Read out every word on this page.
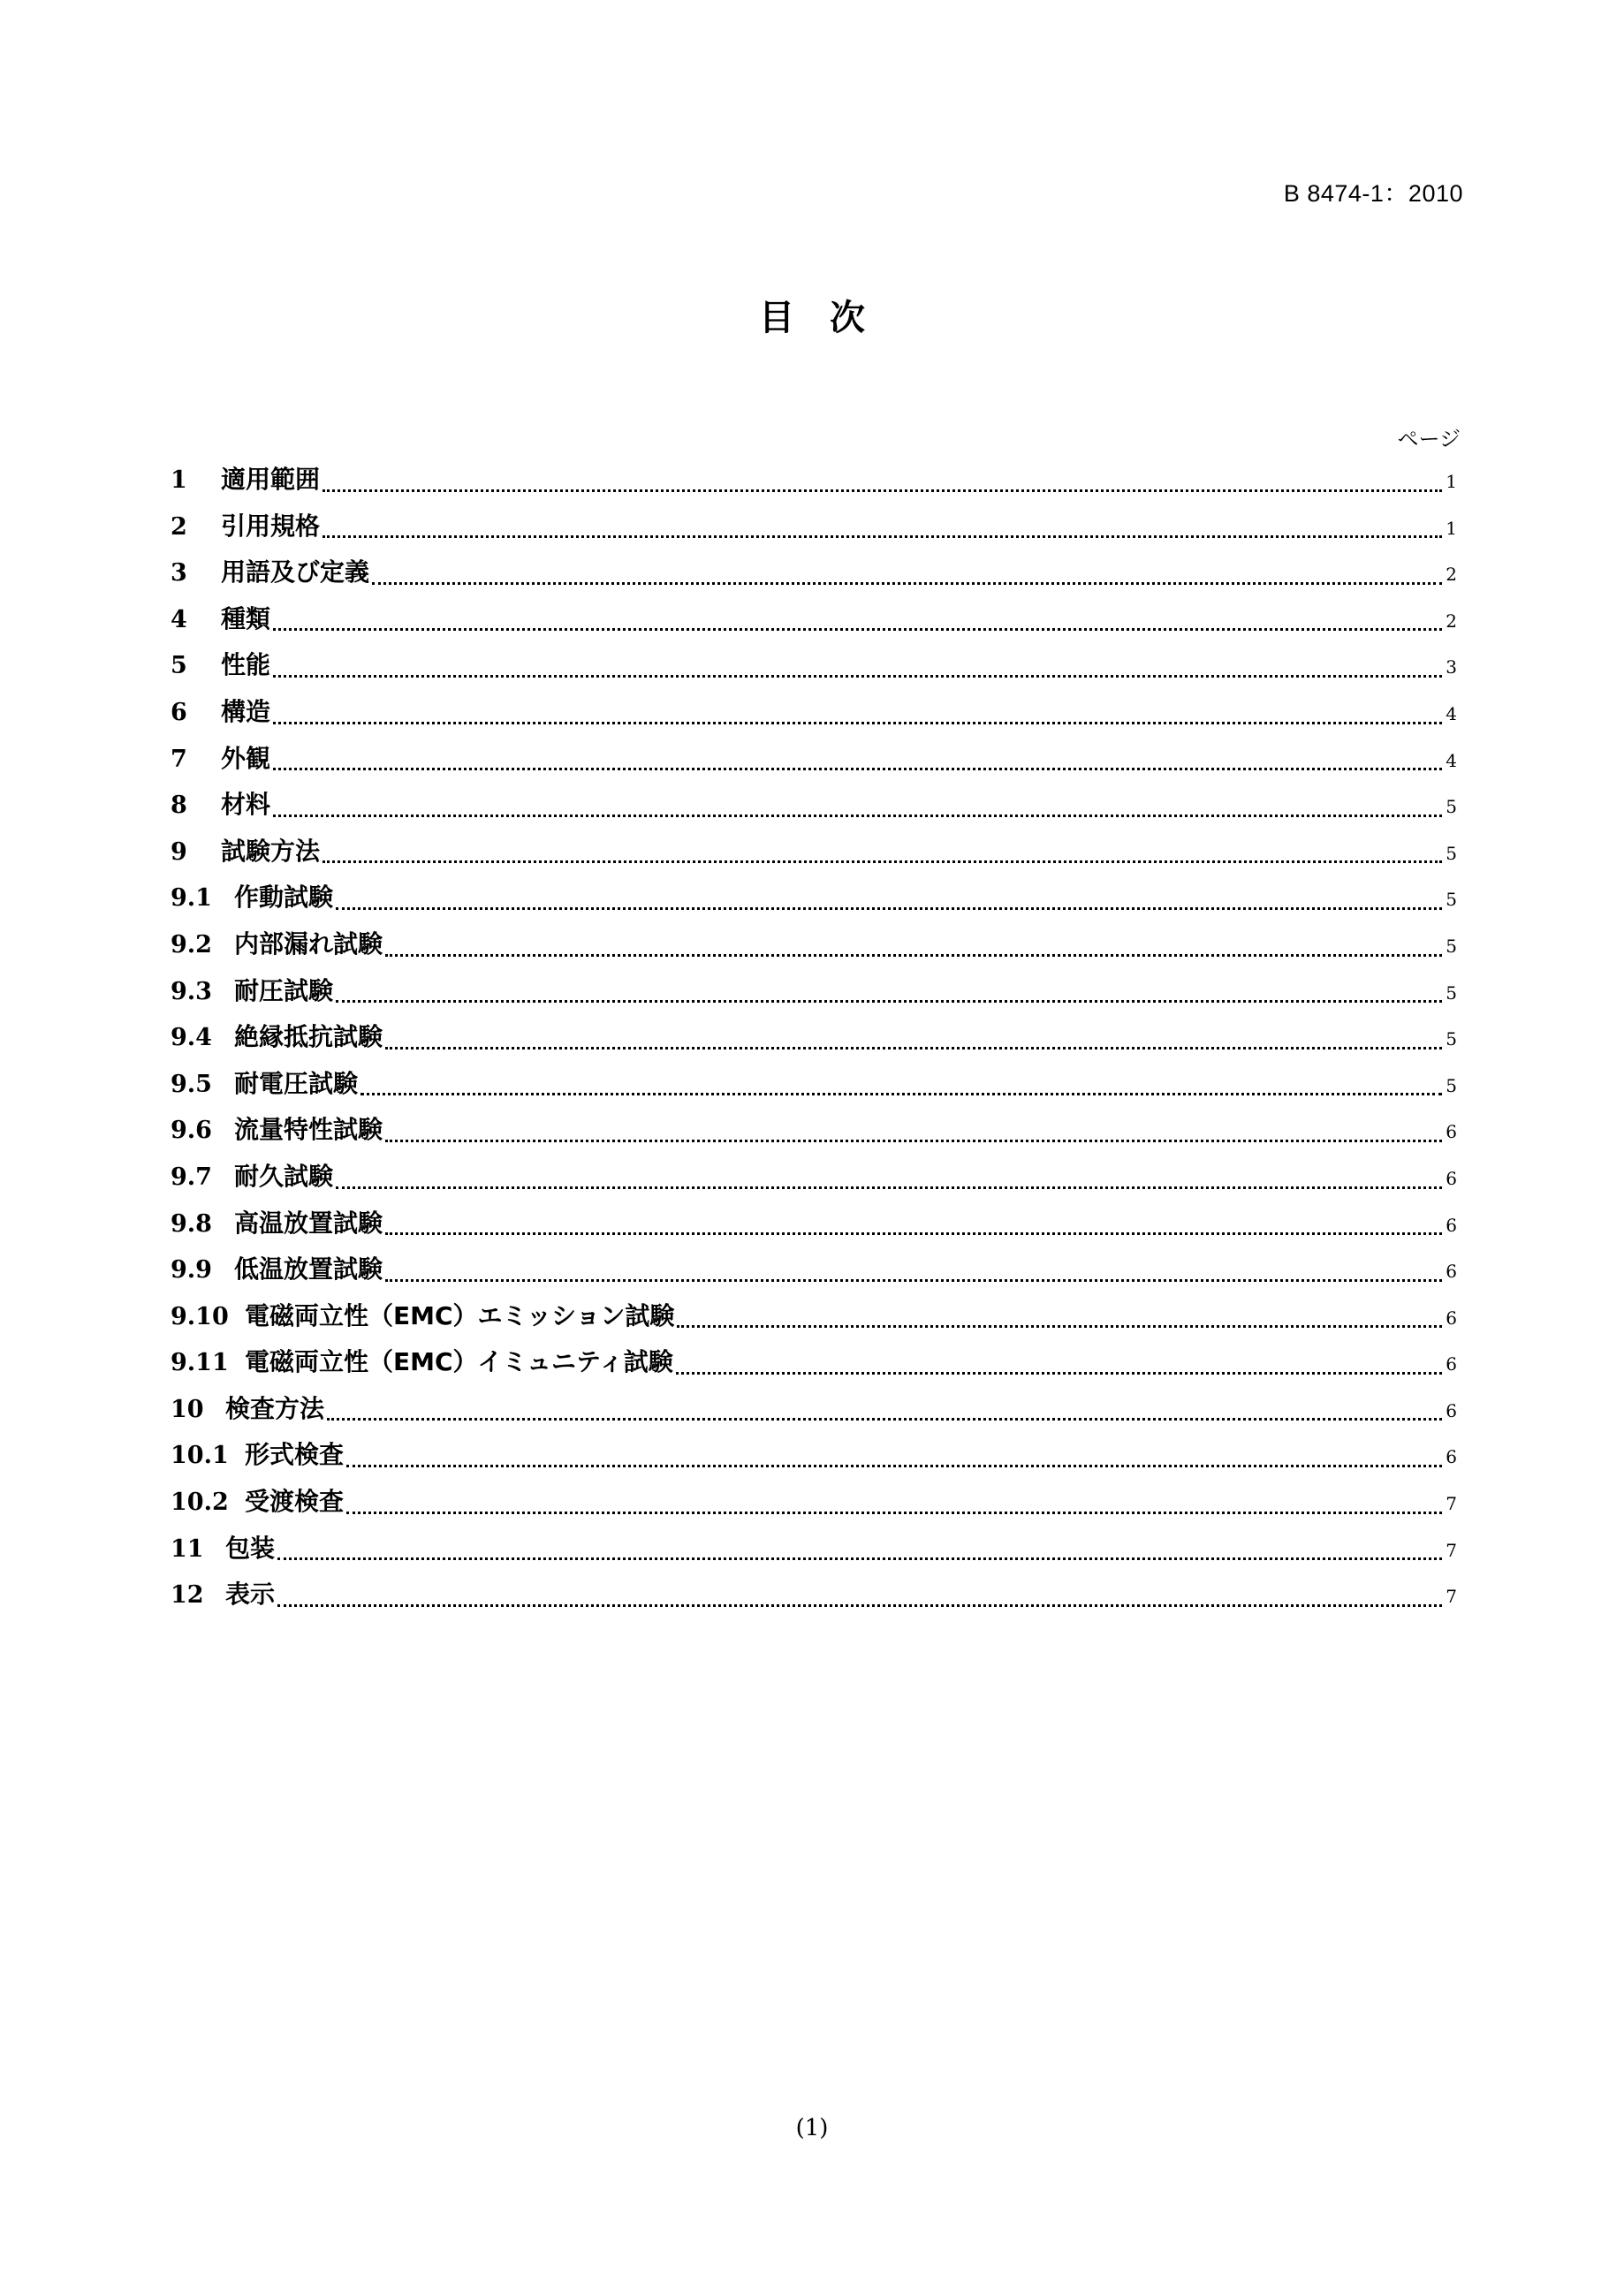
B 8474-1：2010
目　次
ページ
1	適用範囲	1
2	引用規格	1
3	用語及び定義	2
4	種類	2
5	性能	3
6	構造	4
7	外観	4
8	材料	5
9	試験方法	5
9.1 作動試験	5
9.2 内部漏れ試験	5
9.3 耐圧試験	5
9.4 絶縁抵抗試験	5
9.5 耐電圧試験	5
9.6 流量特性試験	6
9.7 耐久試験	6
9.8 高温放置試験	6
9.9 低温放置試験	6
9.10 電磁両立性（EMC）エミッション試験	6
9.11 電磁両立性（EMC）イミュニティ試験	6
10 検査方法	6
10.1 形式検査	6
10.2 受渡検査	7
11 包装	7
12 表示	7
(1)
